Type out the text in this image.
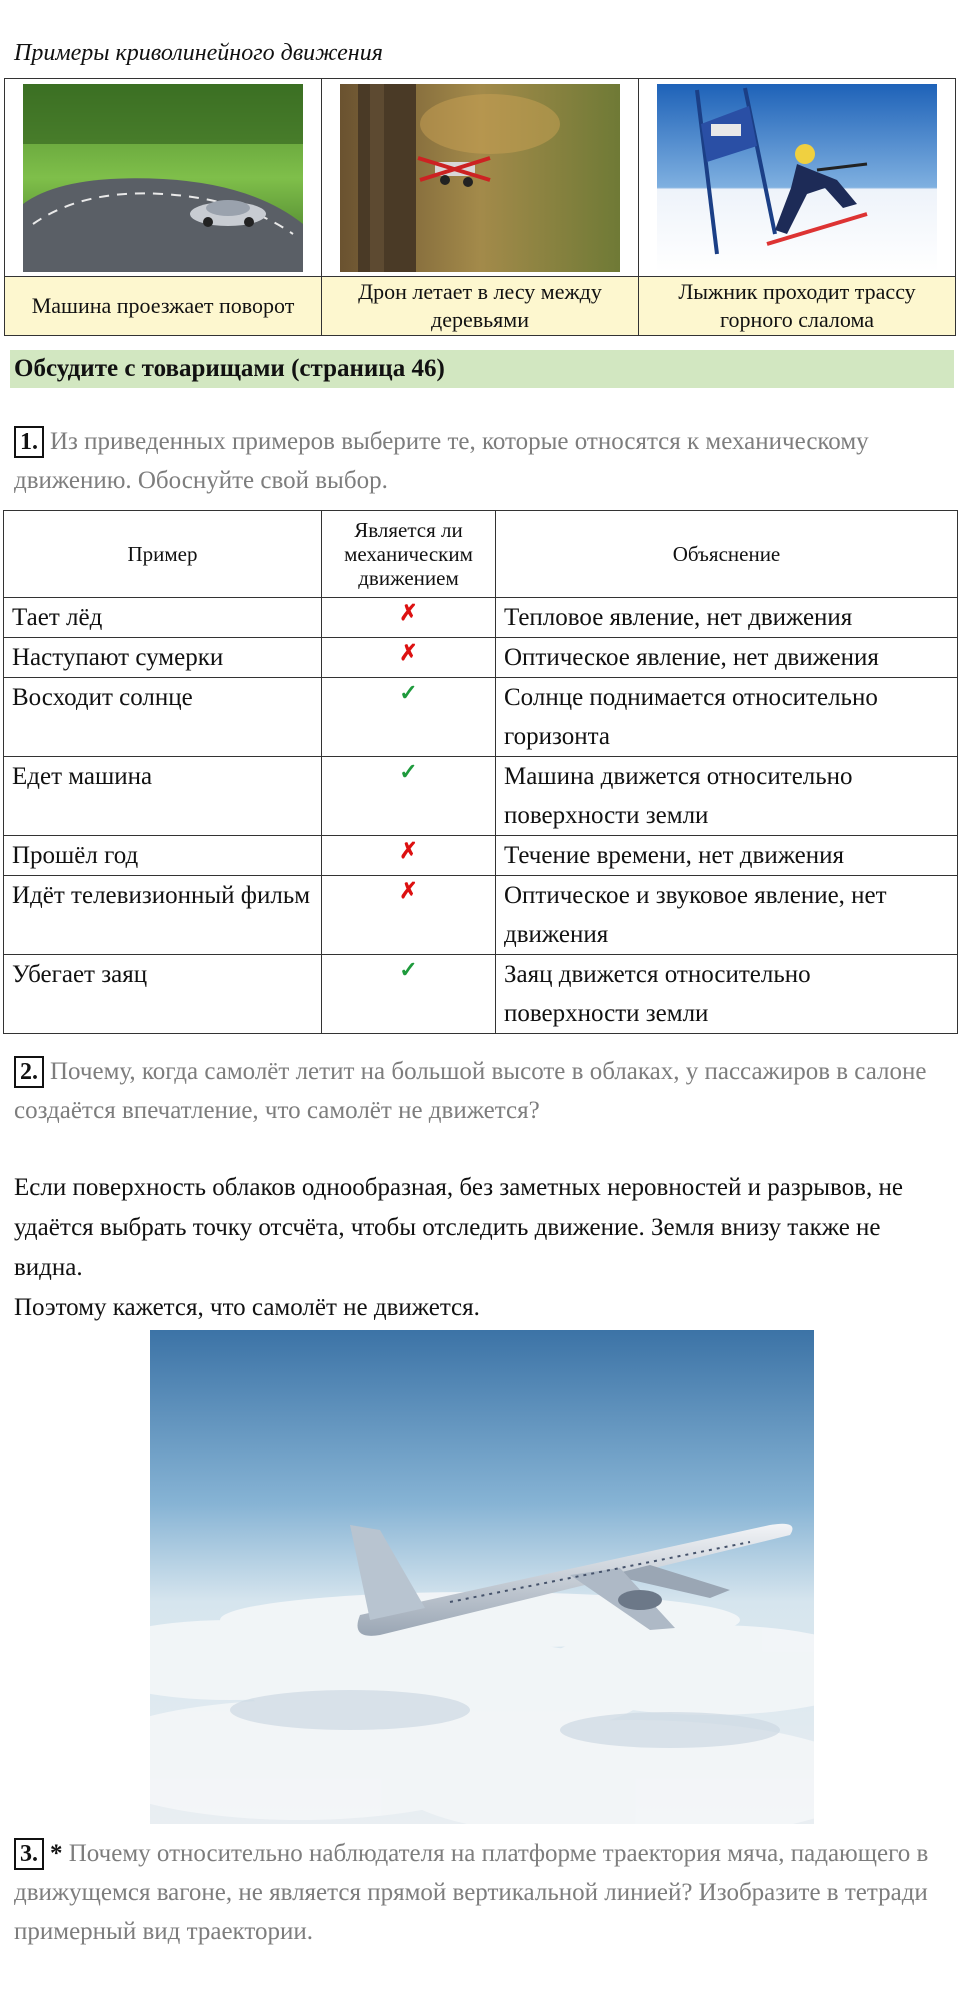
Примеры криволинейного движения

Машина проезжает поворот	Дрон летает в лесу между деревьями	Лыжник проходит трассу горного слалома
Обсудите с товарищами (страница 46)
1. Из приведенных примеров выберите те, которые относятся к механическому движению. Обоснуйте свой выбор.
Пример	Является ли механическим движением	Объяснение
Тает лёд	✗	Тепловое явление, нет движения
Наступают сумерки	✗	Оптическое явление, нет движения
Восходит солнце	✓	Солнце поднимается относительно горизонта
Едет машина	✓	Машина движется относительно поверхности земли
Прошёл год	✗	Течение времени, нет движения
Идёт телевизионный фильм	✗	Оптическое и звуковое явление, нет движения
Убегает заяц	✓	Заяц движется относительно поверхности земли
2. Почему, когда самолёт летит на большой высоте в облаках, у пассажиров в салоне создаётся впечатление, что самолёт не движется?
Если поверхность облаков однообразная, без заметных неровностей и разрывов, не удаётся выбрать точку отсчёта, чтобы отследить движение. Земля внизу также не видна.
Поэтому кажется, что самолёт не движется.
3. * Почему относительно наблюдателя на платформе траектория мяча, падающего в движущемся вагоне, не является прямой вертикальной линией? Изобразите в тетради примерный вид траектории.
